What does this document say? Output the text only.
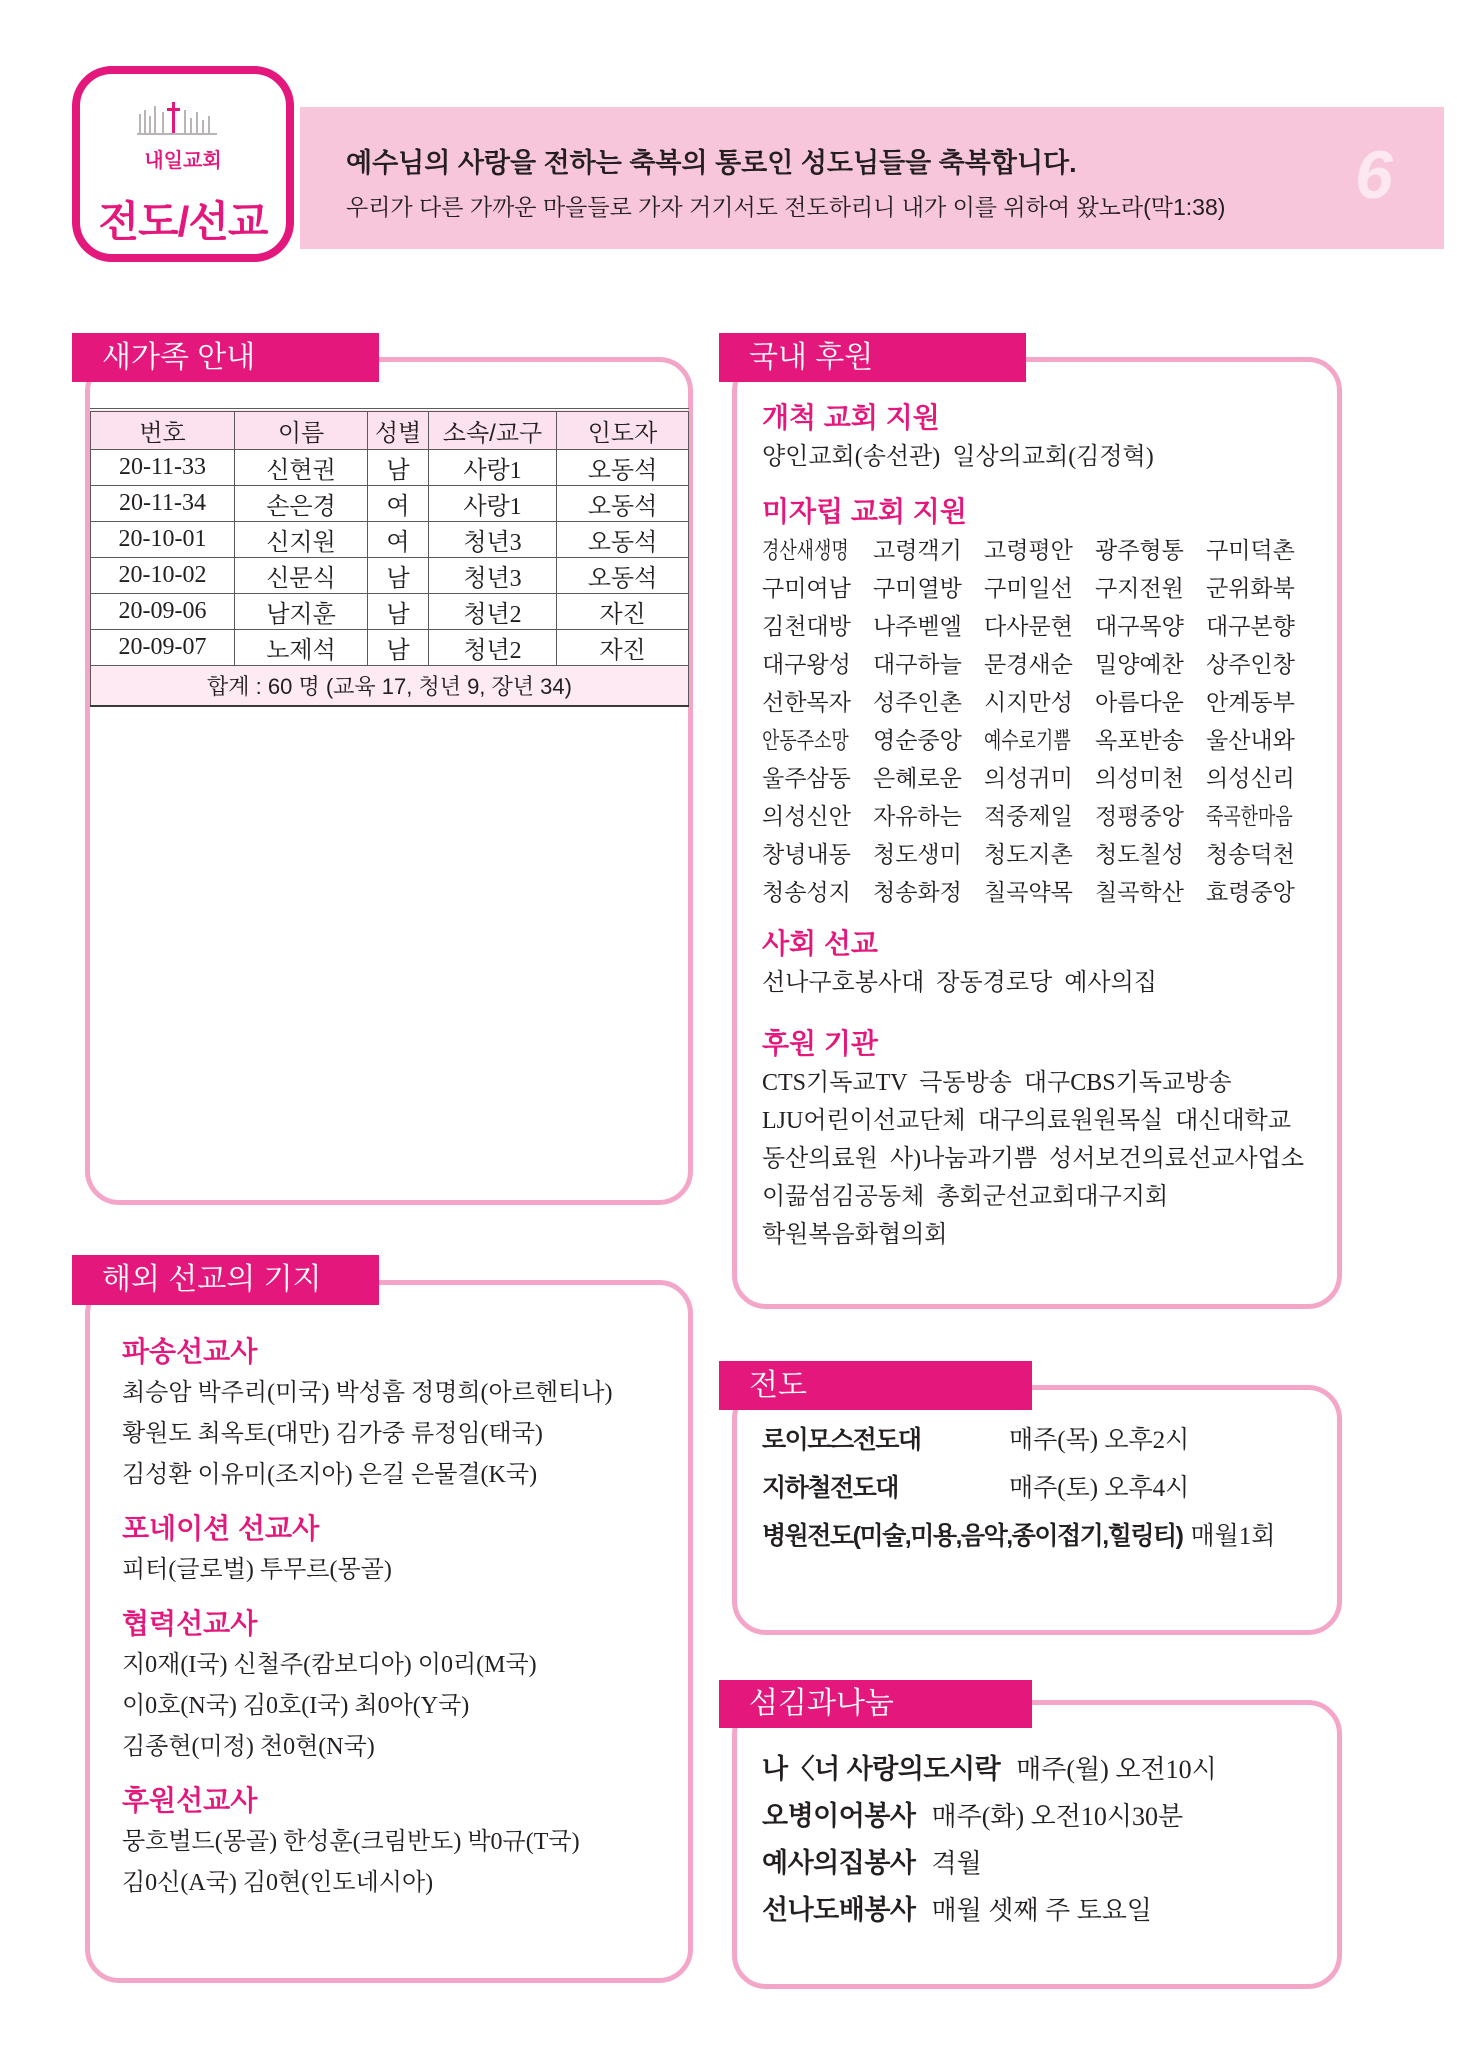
예수님의 사랑을 전하는 축복의 통로인 성도님들을 축복합니다.
우리가 다른 가까운 마을들로 가자 거기서도 전도하리니 내가 이를 위하여 왔노라(막1:38) 6
내일교회
전도/선교
새가족 안내
번호	이름	성별	소속/교구	인도자
20-11-33	신현권	남	사랑1	오동석
20-11-34	손은경	여	사랑1	오동석
20-10-01	신지원	여	청년3	오동석
20-10-02	신문식	남	청년3	오동석
20-09-06	남지훈	남	청년2	자진
20-09-07	노제석	남	청년2	자진
합계 : 60 명 (교육 17, 청년 9, 장년 34)				
해외 선교의 기지
파송선교사
최승암 박주리(미국) 박성흠 정명희(아르헨티나)
황원도 최옥토(대만) 김가중 류정임(태국)
김성환 이유미(조지아) 은길 은물결(K국)
포네이션 선교사
피터(글로벌) 투무르(몽골)
협력선교사
지0재(I국) 신철주(캄보디아) 이0리(M국)
이0호(N국) 김0호(I국) 최0아(Y국)
김종현(미정) 천0현(N국)
후원선교사
뭉흐벌드(몽골) 한성훈(크림반도) 박0규(T국)
김0신(A국) 김0현(인도네시아)
국내 후원
개척 교회 지원
양인교회(송선관) 일상의교회(김정혁)
미자립 교회 지원
경산새생명 고령객기 고령평안 광주형통 구미덕촌
구미여남 구미열방 구미일선 구지전원 군위화북
김천대방 나주벧엘 다사문현 대구목양 대구본향
대구왕성 대구하늘 문경새순 밀양예찬 상주인창
선한목자 성주인촌 시지만성 아름다운 안계동부
안동주소망 영순중앙 예수로기쁨 옥포반송 울산내와
울주삼동 은혜로운 의성귀미 의성미천 의성신리
의성신안 자유하는 적중제일 정평중앙 죽곡한마음
창녕내동 청도생미 청도지촌 청도칠성 청송덕천
청송성지 청송화정 칠곡약목 칠곡학산 효령중앙
사회 선교
선나구호봉사대 장동경로당 예사의집
후원 기관
CTS기독교TV 극동방송 대구CBS기독교방송
LJU어린이선교단체 대구의료원원목실 대신대학교
동산의료원 사)나눔과기쁨 성서보건의료선교사업소
이끎섬김공동체 총회군선교회대구지회
학원복음화협의회
전도
로이모스전도대	매주(목) 오후2시
지하철전도대	매주(토) 오후4시
병원전도(미술,미용,음악,종이접기,힐링티) 매월1회
섬김과나눔
나〈너 사랑의도시락 매주(월) 오전10시
오병이어봉사 매주(화) 오전10시30분
예사의집봉사 격월
선나도배봉사 매월 셋째 주 토요일
